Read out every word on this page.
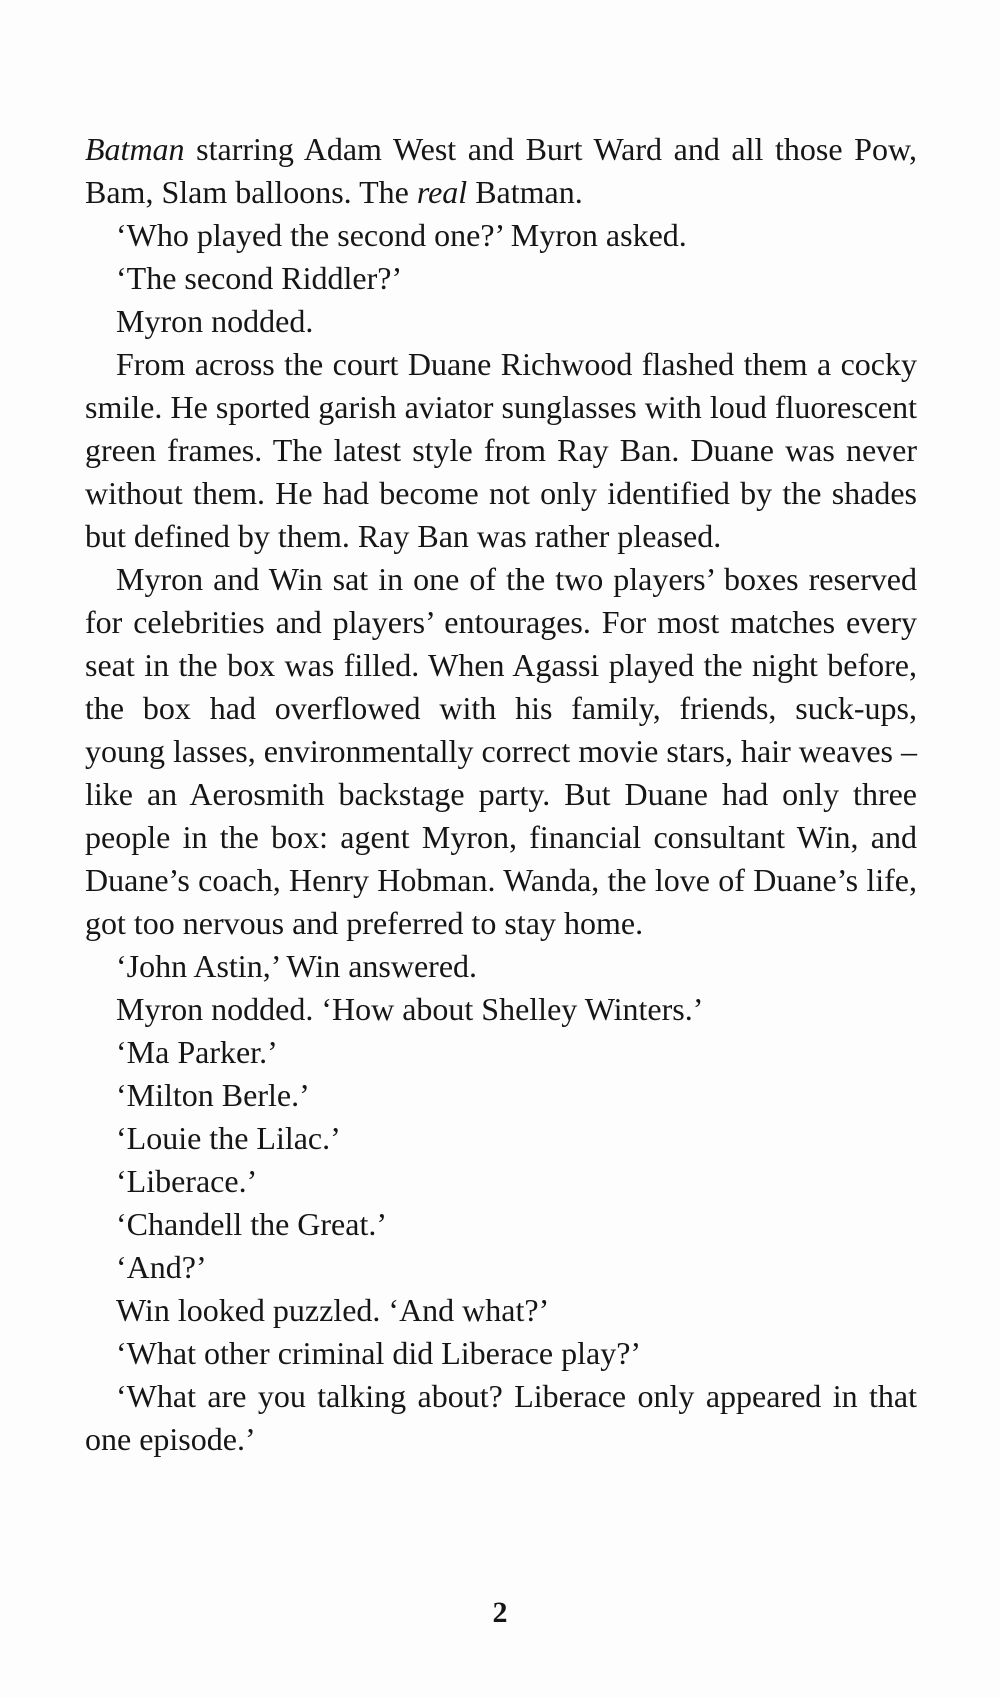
Batman starring Adam West and Burt Ward and all those Pow, Bam, Slam balloons. The real Batman.

‘Who played the second one?’ Myron asked.

‘The second Riddler?’

Myron nodded.

From across the court Duane Richwood flashed them a cocky smile. He sported garish aviator sunglasses with loud fluorescent green frames. The latest style from Ray Ban. Duane was never without them. He had become not only identified by the shades but defined by them. Ray Ban was rather pleased.

Myron and Win sat in one of the two players’ boxes reserved for celebrities and players’ entourages. For most matches every seat in the box was filled. When Agassi played the night before, the box had overflowed with his family, friends, suck-ups, young lasses, environmentally correct movie stars, hair weaves – like an Aerosmith backstage party. But Duane had only three people in the box: agent Myron, financial consultant Win, and Duane’s coach, Henry Hobman. Wanda, the love of Duane’s life, got too nervous and preferred to stay home.

‘John Astin,’ Win answered.

Myron nodded. ‘How about Shelley Winters.’

‘Ma Parker.’

‘Milton Berle.’

‘Louie the Lilac.’

‘Liberace.’

‘Chandell the Great.’

‘And?’

Win looked puzzled. ‘And what?’

‘What other criminal did Liberace play?’

‘What are you talking about? Liberace only appeared in that one episode.’

2
